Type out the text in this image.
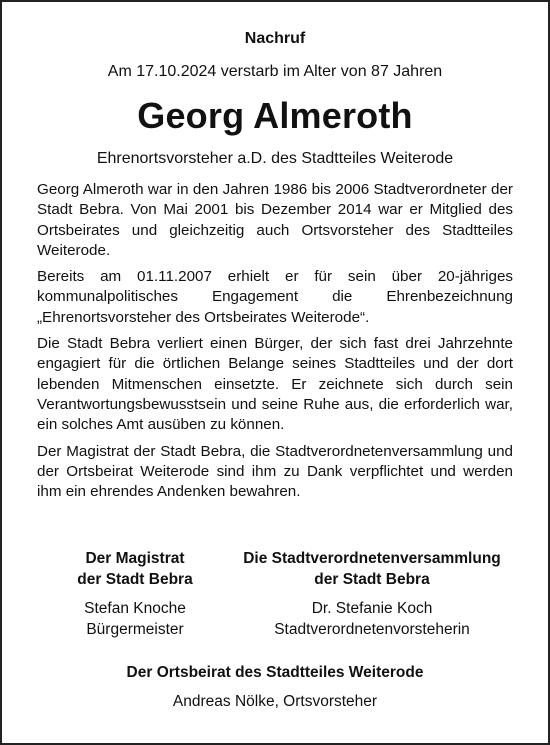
Nachruf
Am 17.10.2024 verstarb im Alter von 87 Jahren
Georg Almeroth
Ehrenortsvorsteher a.D. des Stadtteiles Weiterode

Georg Almeroth war in den Jahren 1986 bis 2006 Stadtverordneter der Stadt Bebra. Von Mai 2001 bis Dezember 2014 war er Mitglied des Ortsbeirates und gleichzeitig auch Ortsvorsteher des Stadtteiles Weiterode.

Bereits am 01.11.2007 erhielt er für sein über 20-jähriges kommunalpolitisches Engagement die Ehrenbezeichnung „Ehrenortsvorsteher des Ortsbeirates Weiterode“.

Die Stadt Bebra verliert einen Bürger, der sich fast drei Jahrzehnte engagiert für die örtlichen Belange seines Stadtteiles und der dort lebenden Mitmenschen einsetzte. Er zeichnete sich durch sein Verantwortungsbewusstsein und seine Ruhe aus, die erforderlich war, ein solches Amt ausüben zu können.

Der Magistrat der Stadt Bebra, die Stadtverordnetenversammlung und der Ortsbeirat Weiterode sind ihm zu Dank verpflichtet und werden ihm ein ehrendes Andenken bewahren.

Der Magistrat
der Stadt Bebra
Stefan Knoche
Bürgermeister
Die Stadtverordnetenversammlung
der Stadt Bebra
Dr. Stefanie Koch
Stadtverordnetenvorsteherin
Der Ortsbeirat des Stadtteiles Weiterode
Andreas Nölke, Ortsvorsteher
